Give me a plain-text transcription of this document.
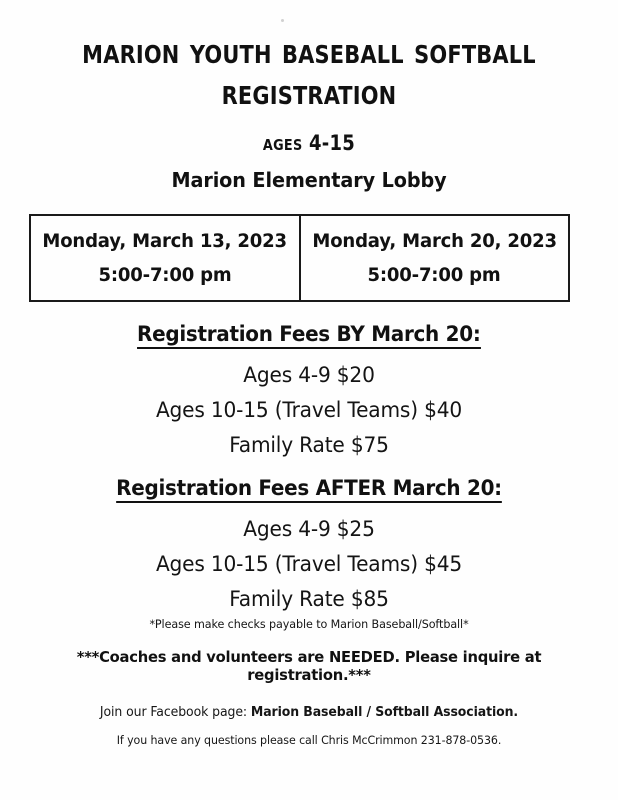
marion youth baseball softball
registration
ages 4-15
Marion Elementary Lobby
Monday, March 13, 2023
5:00-7:00 pm
Monday, March 20, 2023
5:00-7:00 pm
Registration Fees BY March 20:
Ages 4-9 $20
Ages 10-15 (Travel Teams) $40
Family Rate $75
Registration Fees AFTER March 20:
Ages 4-9 $25
Ages 10-15 (Travel Teams) $45
Family Rate $85
*Please make checks payable to Marion Baseball/Softball*
***Coaches and volunteers are NEEDED. Please inquire at registration.***
Join our Facebook page: Marion Baseball / Softball Association.
If you have any questions please call Chris McCrimmon 231-878-0536.
